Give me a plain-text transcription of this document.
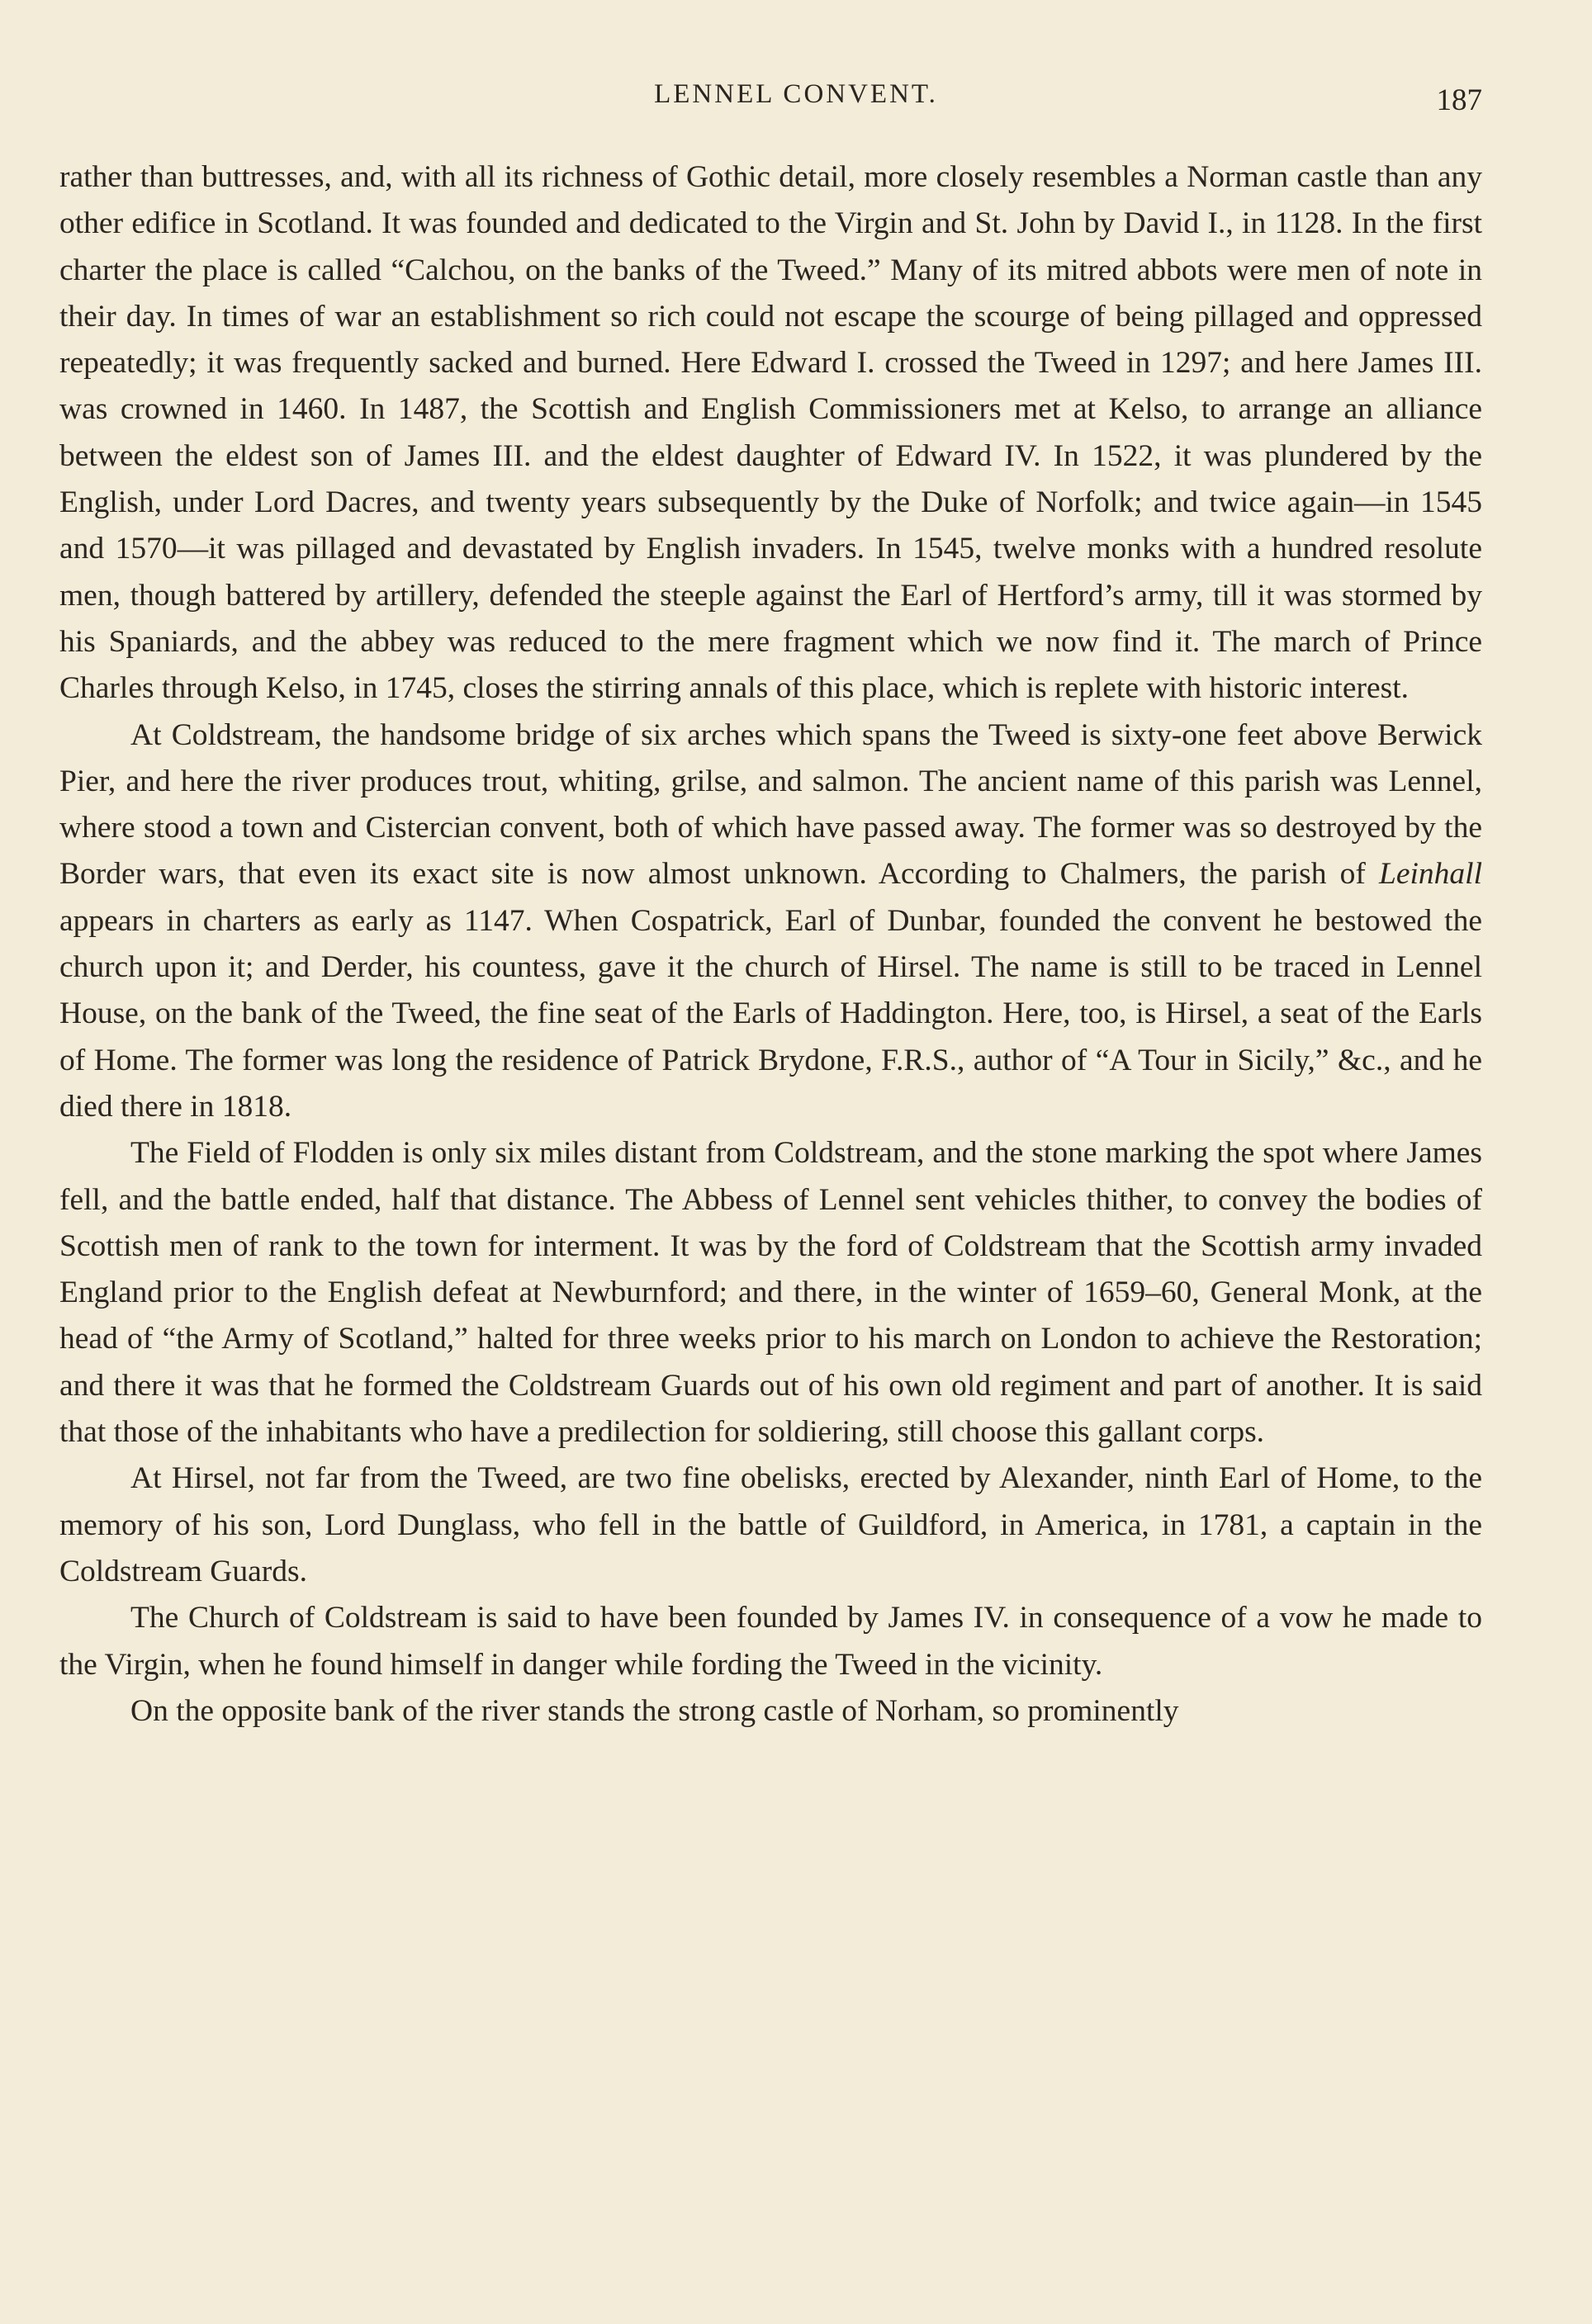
LENNEL CONVENT.	187

rather than buttresses, and, with all its richness of Gothic detail, more closely resembles a Norman castle than any other edifice in Scotland. It was founded and dedicated to the Virgin and St. John by David I., in 1128. In the first charter the place is called “Calchou, on the banks of the Tweed.” Many of its mitred abbots were men of note in their day. In times of war an establishment so rich could not escape the scourge of being pillaged and oppressed repeatedly; it was frequently sacked and burned. Here Edward I. crossed the Tweed in 1297; and here James III. was crowned in 1460. In 1487, the Scottish and English Commissioners met at Kelso, to arrange an alliance between the eldest son of James III. and the eldest daughter of Edward IV. In 1522, it was plundered by the English, under Lord Dacres, and twenty years subsequently by the Duke of Norfolk; and twice again—in 1545 and 1570—it was pillaged and devastated by English invaders. In 1545, twelve monks with a hundred resolute men, though battered by artillery, defended the steeple against the Earl of Hertford’s army, till it was stormed by his Spaniards, and the abbey was reduced to the mere fragment which we now find it. The march of Prince Charles through Kelso, in 1745, closes the stirring annals of this place, which is replete with historic interest.

At Coldstream, the handsome bridge of six arches which spans the Tweed is sixty-one feet above Berwick Pier, and here the river produces trout, whiting, grilse, and salmon. The ancient name of this parish was Lennel, where stood a town and Cistercian convent, both of which have passed away. The former was so destroyed by the Border wars, that even its exact site is now almost unknown. According to Chalmers, the parish of Leinhall appears in charters as early as 1147. When Cospatrick, Earl of Dunbar, founded the convent he bestowed the church upon it; and Derder, his countess, gave it the church of Hirsel. The name is still to be traced in Lennel House, on the bank of the Tweed, the fine seat of the Earls of Haddington. Here, too, is Hirsel, a seat of the Earls of Home. The former was long the residence of Patrick Brydone, F.R.S., author of “A Tour in Sicily,” &c., and he died there in 1818.

The Field of Flodden is only six miles distant from Coldstream, and the stone marking the spot where James fell, and the battle ended, half that distance. The Abbess of Lennel sent vehicles thither, to convey the bodies of Scottish men of rank to the town for interment. It was by the ford of Coldstream that the Scottish army invaded England prior to the English defeat at Newburnford; and there, in the winter of 1659–60, General Monk, at the head of “the Army of Scotland,” halted for three weeks prior to his march on London to achieve the Restoration; and there it was that he formed the Coldstream Guards out of his own old regiment and part of another. It is said that those of the inhabitants who have a predilection for soldiering, still choose this gallant corps.

At Hirsel, not far from the Tweed, are two fine obelisks, erected by Alexander, ninth Earl of Home, to the memory of his son, Lord Dunglass, who fell in the battle of Guildford, in America, in 1781, a captain in the Coldstream Guards.

The Church of Coldstream is said to have been founded by James IV. in consequence of a vow he made to the Virgin, when he found himself in danger while fording the Tweed in the vicinity.

On the opposite bank of the river stands the strong castle of Norham, so prominently
